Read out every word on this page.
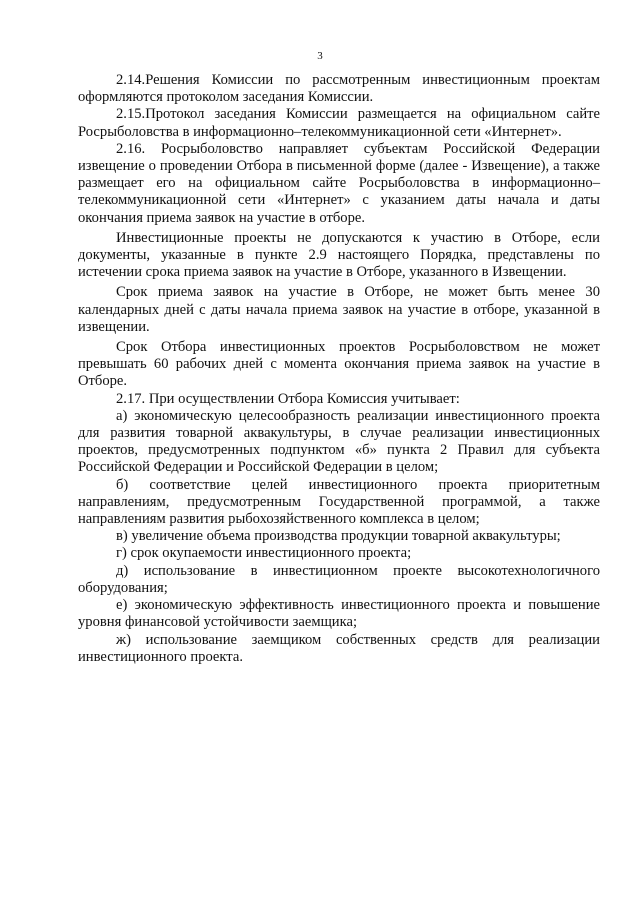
3

2.14.Решения Комиссии по рассмотренным инвестиционным проектам оформляются протоколом заседания Комиссии.

2.15.Протокол заседания Комиссии размещается на официальном сайте Росрыболовства в информационно–телекоммуникационной сети «Интернет».

2.16. Росрыболовство направляет субъектам Российской Федерации извещение о проведении Отбора в письменной форме (далее - Извещение), а также размещает его на официальном сайте Росрыболовства в информационно–телекоммуникационной сети «Интернет» с указанием даты начала и даты окончания приема заявок на участие в отборе.

Инвестиционные проекты не допускаются к участию в Отборе, если документы, указанные в пункте 2.9 настоящего Порядка, представлены по истечении срока приема заявок на участие в Отборе, указанного в Извещении.

Срок приема заявок на участие в Отборе, не может быть менее 30 календарных дней с даты начала приема заявок на участие в отборе, указанной в извещении.

Срок Отбора инвестиционных проектов Росрыболовством не может превышать 60 рабочих дней с момента окончания приема заявок на участие в Отборе.

2.17. При осуществлении Отбора Комиссия учитывает:

а) экономическую целесообразность реализации инвестиционного проекта для развития товарной аквакультуры, в случае реализации инвестиционных проектов, предусмотренных подпунктом «б» пункта 2 Правил для субъекта Российской Федерации и Российской Федерации в целом;

б) соответствие целей инвестиционного проекта приоритетным направлениям, предусмотренным Государственной программой, а также направлениям развития рыбохозяйственного комплекса в целом;

в) увеличение объема производства продукции товарной аквакультуры;

г) срок окупаемости инвестиционного проекта;

д) использование в инвестиционном проекте высокотехнологичного оборудования;

е) экономическую эффективность инвестиционного проекта и повышение уровня финансовой устойчивости заемщика;

ж) использование заемщиком собственных средств для реализации инвестиционного проекта.
